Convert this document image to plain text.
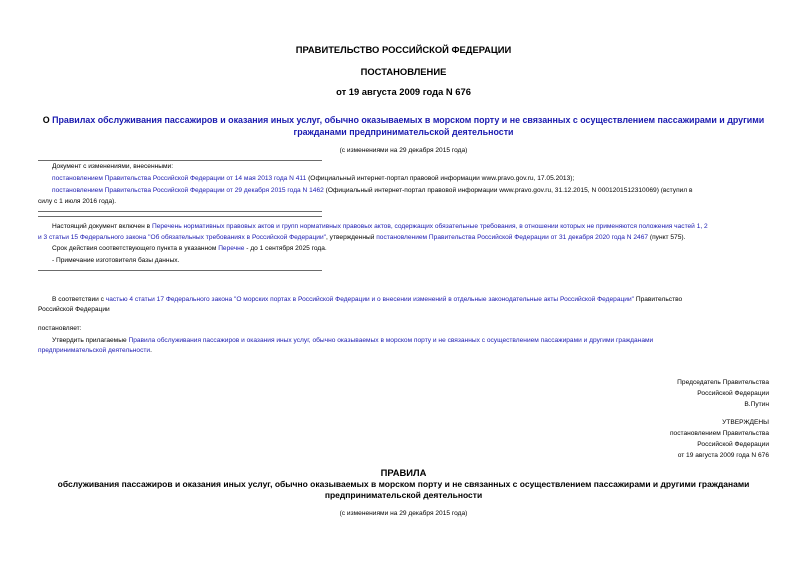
ПРАВИТЕЛЬСТВО РОССИЙСКОЙ ФЕДЕРАЦИИ
ПОСТАНОВЛЕНИЕ
от 19 августа 2009 года N 676
О Правилах обслуживания пассажиров и оказания иных услуг, обычно оказываемых в морском порту и не связанных с осуществлением пассажирами и другими
гражданами предпринимательской деятельности
(с изменениями на 29 декабря 2015 года)
Документ с изменениями, внесенными:
постановлением Правительства Российской Федерации от 14 мая 2013 года N 411 (Официальный интернет-портал правовой информации www.pravo.gov.ru, 17.05.2013);
постановлением Правительства Российской Федерации от 29 декабря 2015 года N 1462 (Официальный интернет-портал правовой информации www.pravo.gov.ru, 31.12.2015, N 0001201512310069) (вступил в
силу с 1 июля 2016 года).
Настоящий документ включен в Перечень нормативных правовых актов и групп нормативных правовых актов, содержащих обязательные требования, в отношении которых не применяются положения частей 1, 2
и 3 статьи 15 Федерального закона "Об обязательных требованиях в Российской Федерации", утвержденный постановлением Правительства Российской Федерации от 31 декабря 2020 года N 2467 (пункт 575).
Срок действия соответствующего пункта в указанном Перечне - до 1 сентября 2025 года.
- Примечание изготовителя базы данных.
В соответствии с частью 4 статьи 17 Федерального закона "О морских портах в Российской Федерации и о внесении изменений в отдельные законодательные акты Российской Федерации" Правительство
Российской Федерации
постановляет:
Утвердить прилагаемые Правила обслуживания пассажиров и оказания иных услуг, обычно оказываемых в морском порту и не связанных с осуществлением пассажирами и другими гражданами
предпринимательской деятельности.
Председатель Правительства
Российской Федерации
В.Путин
УТВЕРЖДЕНЫ
постановлением Правительства
Российской Федерации
от 19 августа 2009 года N 676
ПРАВИЛА
обслуживания пассажиров и оказания иных услуг, обычно оказываемых в морском порту и не связанных с осуществлением пассажирами и другими гражданами
предпринимательской деятельности
(с изменениями на 29 декабря 2015 года)
